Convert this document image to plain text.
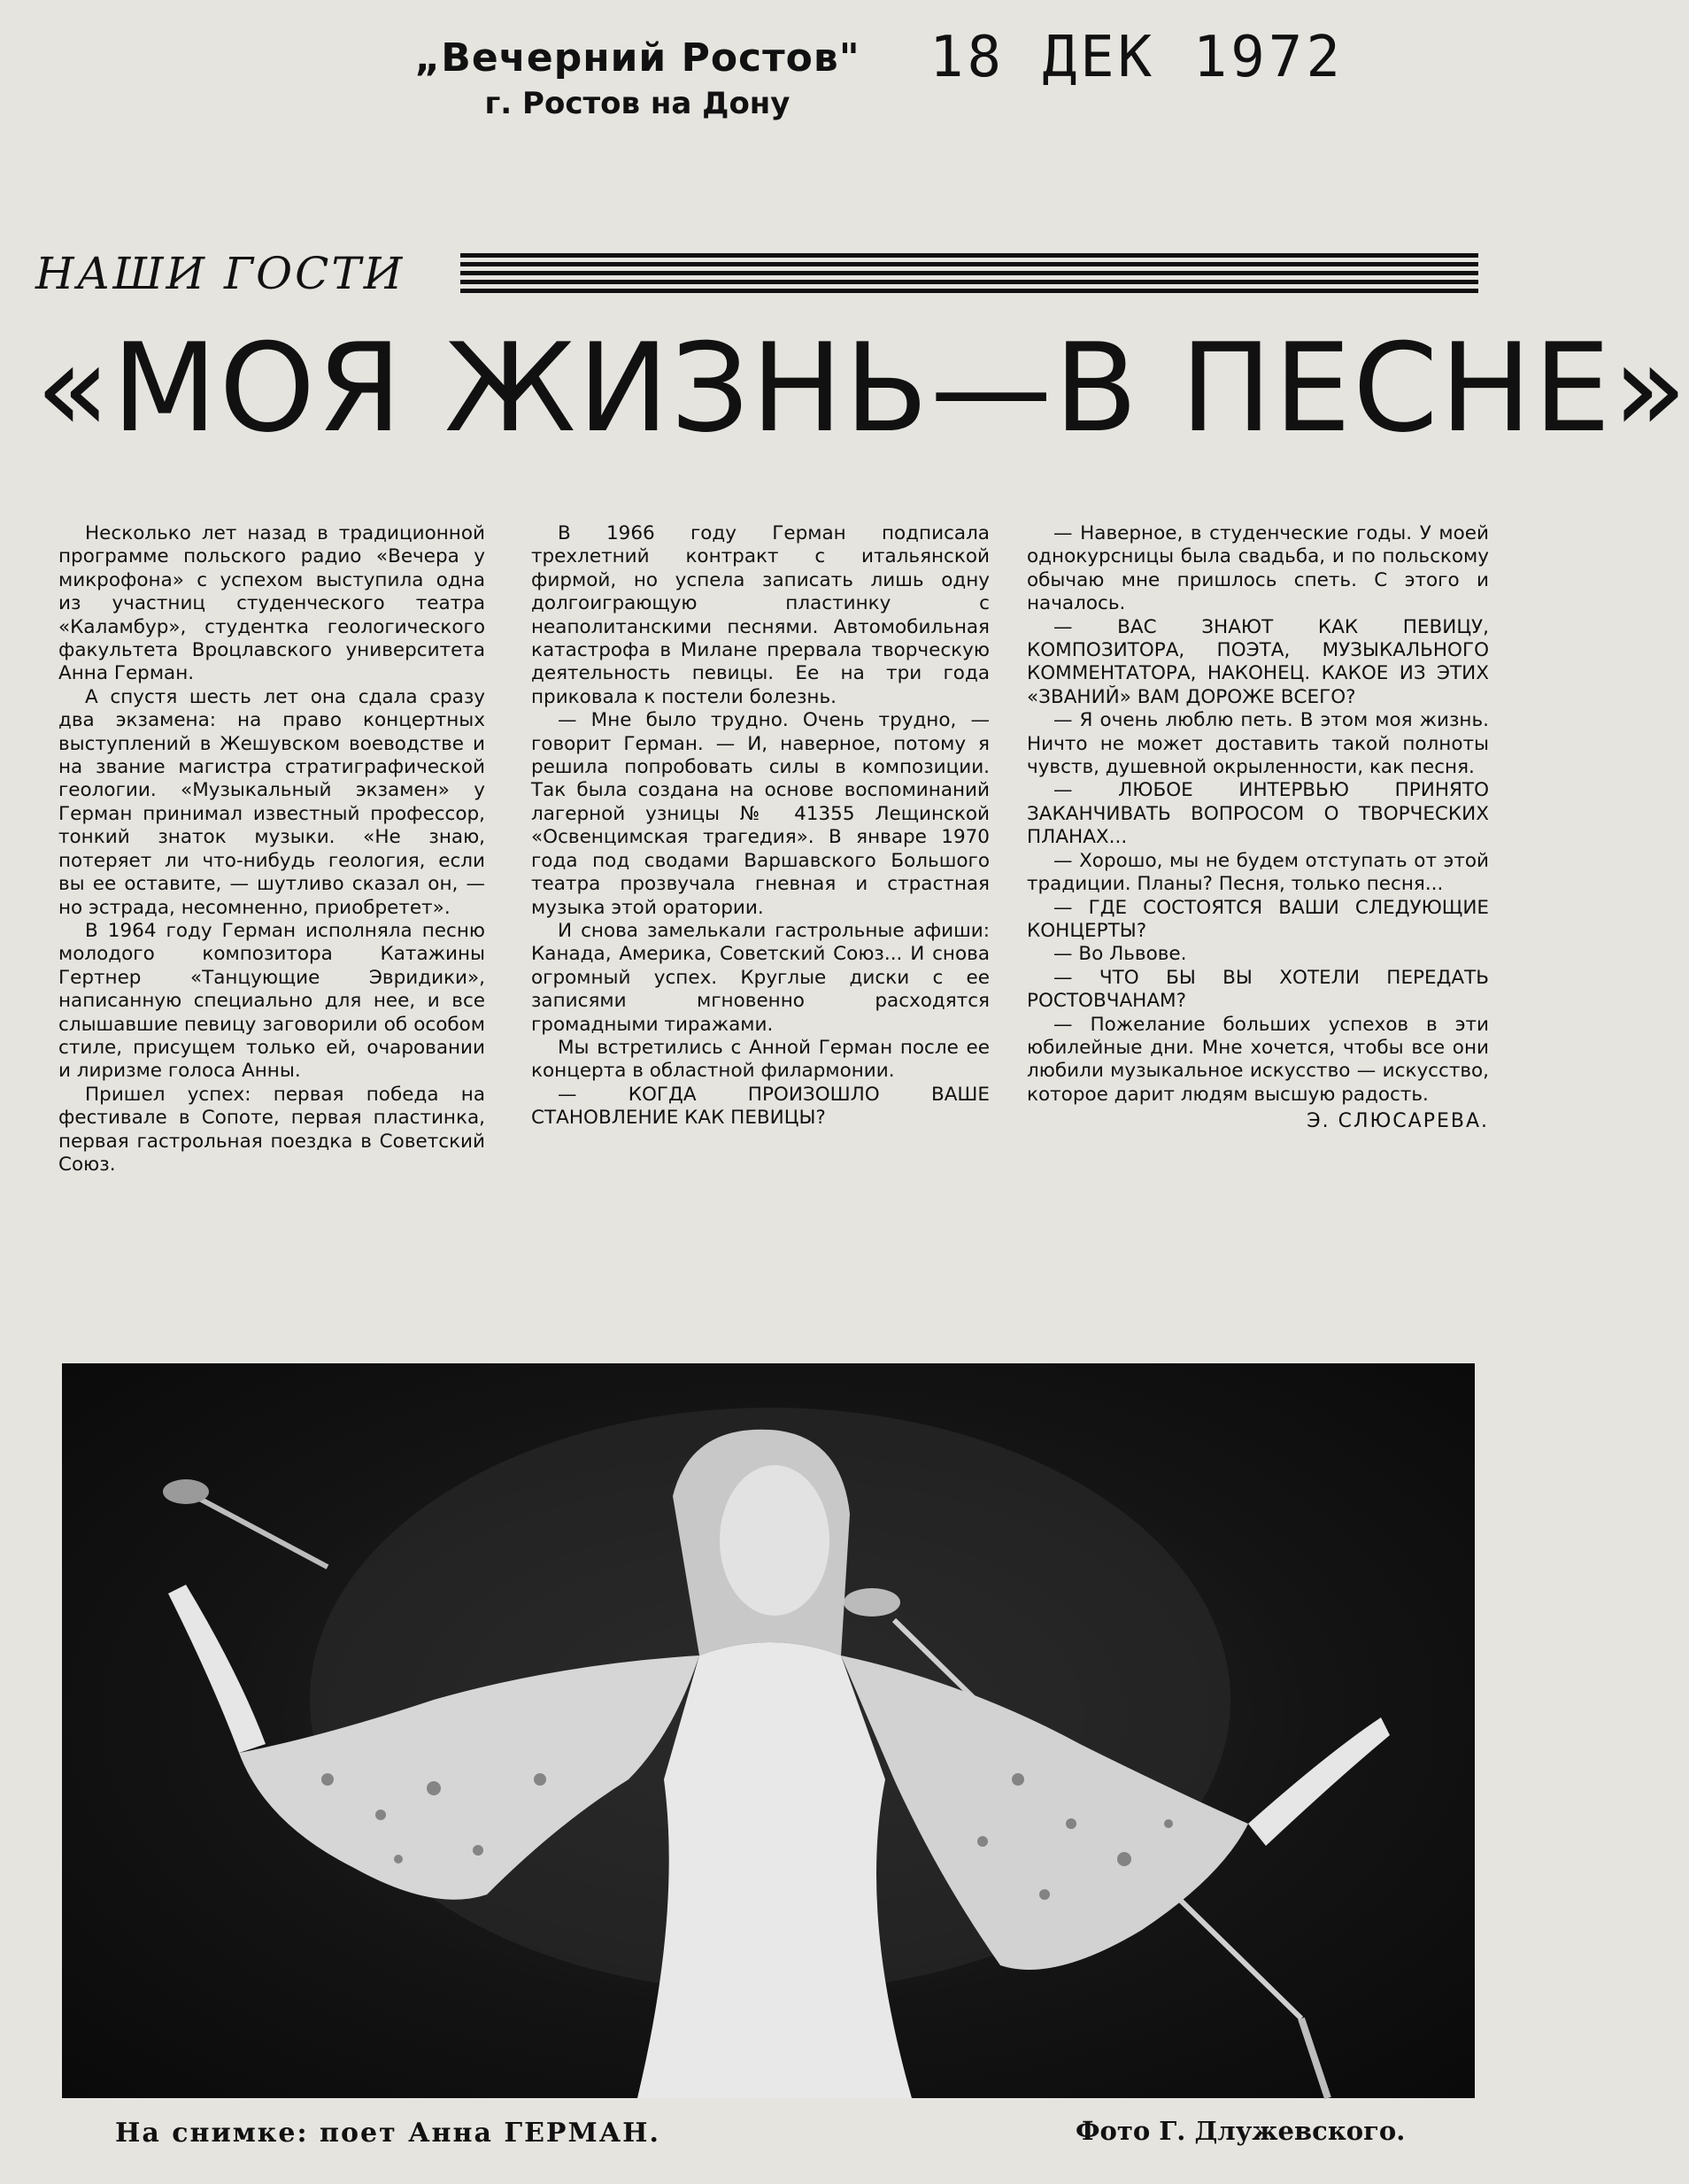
„Вечерний Ростов"
г. Ростов на Дону
18 ДЕК 1972
НАШИ ГОСТИ
«МОЯ ЖИЗНЬ—В ПЕСНЕ»

Несколько лет назад в традиционной программе польского радио «Вечера у микрофона» с успехом выступила одна из участниц студенческого театра «Каламбур», студентка геологического факультета Вроцлавского университета Анна Герман.

А спустя шесть лет она сдала сразу два экзамена: на право концертных выступлений в Жешувском воеводстве и на звание магистра стратиграфической геологии. «Музыкальный экзамен» у Герман принимал известный профессор, тонкий знаток музыки. «Не знаю, потеряет ли что-нибудь геология, если вы ее оставите, — шутливо сказал он, — но эстрада, несомненно, приобретет».

В 1964 году Герман исполняла песню молодого композитора Катажины Гертнер «Танцующие Эвридики», написанную специально для нее, и все слышавшие певицу заговорили об особом стиле, присущем только ей, очаровании и лиризме голоса Анны.

Пришел успех: первая победа на фестивале в Сопоте, первая пластинка, первая гастрольная поездка в Советский Союз.

В 1966 году Герман подписала трехлетний контракт с итальянской фирмой, но успела записать лишь одну долгоиграющую пластинку с неаполитанскими песнями. Автомобильная катастрофа в Милане прервала творческую деятельность певицы. Ее на три года приковала к постели болезнь.

— Мне было трудно. Очень трудно, — говорит Герман. — И, наверное, потому я решила попробовать силы в композиции. Так была создана на основе воспоминаний лагерной узницы № 41355 Лещинской «Освенцимская трагедия». В январе 1970 года под сводами Варшавского Большого театра прозвучала гневная и страстная музыка этой оратории.

И снова замелькали гастрольные афиши: Канада, Америка, Советский Союз... И снова огромный успех. Круглые диски с ее записями мгновенно расходятся громадными тиражами.

Мы встретились с Анной Герман после ее концерта в областной филармонии.

— КОГДА ПРОИЗОШЛО ВАШЕ СТАНОВЛЕНИЕ КАК ПЕВИЦЫ?

— Наверное, в студенческие годы. У моей однокурсницы была свадьба, и по польскому обычаю мне пришлось спеть. С этого и началось.

— ВАС ЗНАЮТ КАК ПЕВИЦУ, КОМПОЗИТОРА, ПОЭТА, МУЗЫКАЛЬНОГО КОММЕНТАТОРА, НАКОНЕЦ. КАКОЕ ИЗ ЭТИХ «ЗВАНИЙ» ВАМ ДОРОЖЕ ВСЕГО?

— Я очень люблю петь. В этом моя жизнь. Ничто не может доставить такой полноты чувств, душевной окрыленности, как песня.

— ЛЮБОЕ ИНТЕРВЬЮ ПРИНЯТО ЗАКАНЧИВАТЬ ВОПРОСОМ О ТВОРЧЕСКИХ ПЛАНАХ...

— Хорошо, мы не будем отступать от этой традиции. Планы? Песня, только песня...

— ГДЕ СОСТОЯТСЯ ВАШИ СЛЕДУЮЩИЕ КОНЦЕРТЫ?

— Во Львове.

— ЧТО БЫ ВЫ ХОТЕЛИ ПЕРЕДАТЬ РОСТОВЧАНАМ?

— Пожелание больших успехов в эти юбилейные дни. Мне хочется, чтобы все они любили музыкальное искусство — искусство, которое дарит людям высшую радость.

Э. СЛЮСАРЕВА.
На снимке: поет Анна ГЕРМАН.	Фото Г. Длужевского.
